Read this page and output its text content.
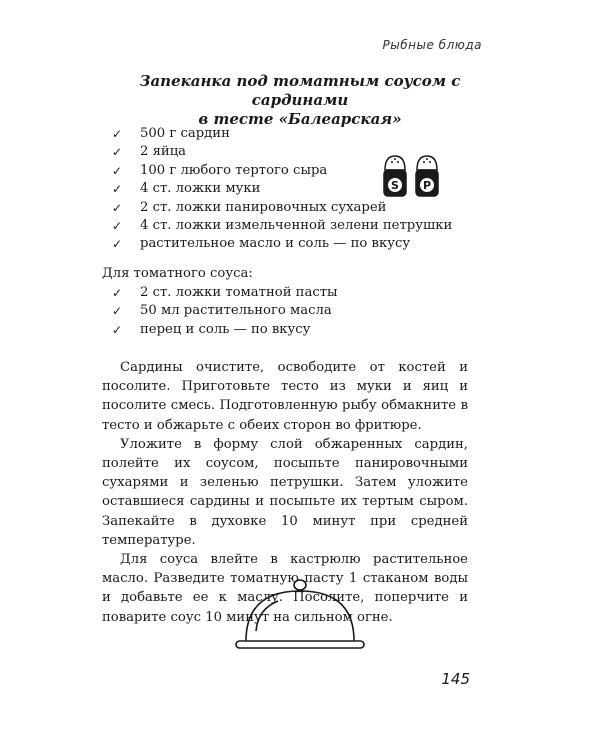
Рыбные блюда
Запеканка под томатным соусом с сардинами
в тесте «Балеарская»
✓ 500 г сардин
✓ 2 яйца
✓ 100 г любого тертого сыра
✓ 4 ст. ложки муки
✓ 2 ст. ложки панировочных сухарей
✓ 4 ст. ложки измельченной зелени петрушки
✓ растительное масло и соль — по вкусу
S P
Для томатного соуса:
✓ 2 ст. ложки томатной пасты
✓ 50 мл растительного масла
✓ перец и соль — по вкусу

Сардины очистите, освободите от костей и посолите. Приготовьте тесто из муки и яиц и посолите смесь. Подготовленную рыбу обмакните в тесто и обжарьте с обеих сторон во фритюре.

Уложите в форму слой обжаренных сардин, полейте их соусом, посыпьте панировочными сухарями и зеленью петрушки. Затем уложите оставшиеся сардины и посыпьте их тертым сыром. Запекайте в духовке 10 минут при средней температуре.

Для соуса влейте в кастрюлю растительное масло. Разведите томатную пасту 1 стаканом воды и добавьте ее к маслу. Посолите, поперчите и поварите соус 10 минут на сильном огне.

145
